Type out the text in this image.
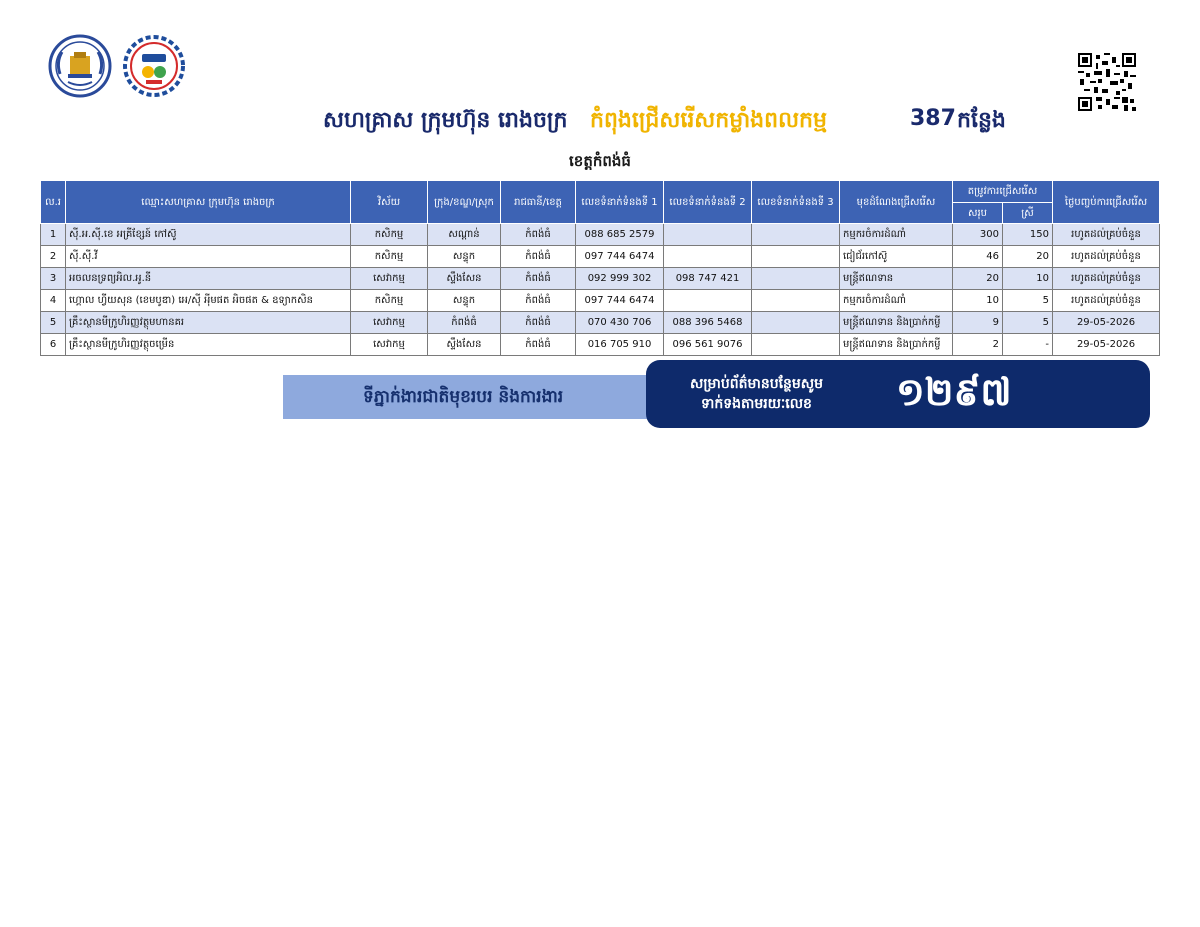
សហគ្រាស ក្រុមហ៊ុន រោងចក្រ កំពុងជ្រើសរើសកម្លាំងពលកម្ម	387 កន្លែង
ខេត្តកំពង់ធំ
ល.រ	ឈ្មោះសហគ្រាស ក្រុមហ៊ុន រោងចក្រ	វិស័យ	ក្រុង/ខណ្ឌ/ស្រុក	រាជធានី/ខេត្ត	លេខទំនាក់ទំនងទី 1	លេខទំនាក់ទំនងទី 2	លេខទំនាក់ទំនងទី 3	មុខដំណែងជ្រើសរើស	តម្រូវការជ្រើសរើស		ថ្ងៃបញ្ចប់ការជ្រើសរើស
									សរុប	ស្រី	
1	ស៊ី.អ.ស៊ី.ខេ អគ្រីខ្សែន៍ កៅស៊ូ	កសិកម្ម	សណ្ដាន់	កំពង់ធំ	088 685 2579			កម្មករចំការដំណាំ	300	150	រហូតដល់គ្រប់ចំនួន
2	ស៊ី.ស៊ី.វី	កសិកម្ម	សន្ទុក	កំពង់ធំ	097 744 6474			ជៀជ័រកៅស៊ូ	46	20	រហូតដល់គ្រប់ចំនួន
3	អចលនទ្រព្យអិល.អូ.នី	សេវាកម្ម	ស្ទឹងសែន	កំពង់ធំ	092 999 302	098 747 421		មន្ត្រីឥណទាន	20	10	រហូតដល់គ្រប់ចំនួន
4	ហ្គោល ហ្វីយសុន (ខេមបូឌា) អេ/ស៊ី អុីមផត អិចផត & ឧទ្យាកសិន	កសិកម្ម	សន្ទុក	កំពង់ធំ	097 744 6474			កម្មករចំការដំណាំ	10	5	រហូតដល់គ្រប់ចំនួន
5	គ្រឹះស្ថានមីក្រូហិរញ្ញវត្ថុមហានគរ	សេវាកម្ម	កំពង់ធំ	កំពង់ធំ	070 430 706	088 396 5468		មន្ត្រីឥណទាន និងប្រាក់កម្ចី	9	5	29-05-2026
6	គ្រឹះស្ថានមីក្រូហិរញ្ញវត្ថុចម្រើន	សេវាកម្ម	ស្ទឹងសែន	កំពង់ធំ	016 705 910	096 561 9076		មន្ត្រីឥណទាន និងប្រាក់កម្ចី	2	-	29-05-2026
ទីភ្នាក់ងារជាតិមុខរបរ និងការងារ
សម្រាប់ព័ត៌មានបន្ថែមសូម
ទាក់ទងតាមរយៈលេខ ១២៩៧
